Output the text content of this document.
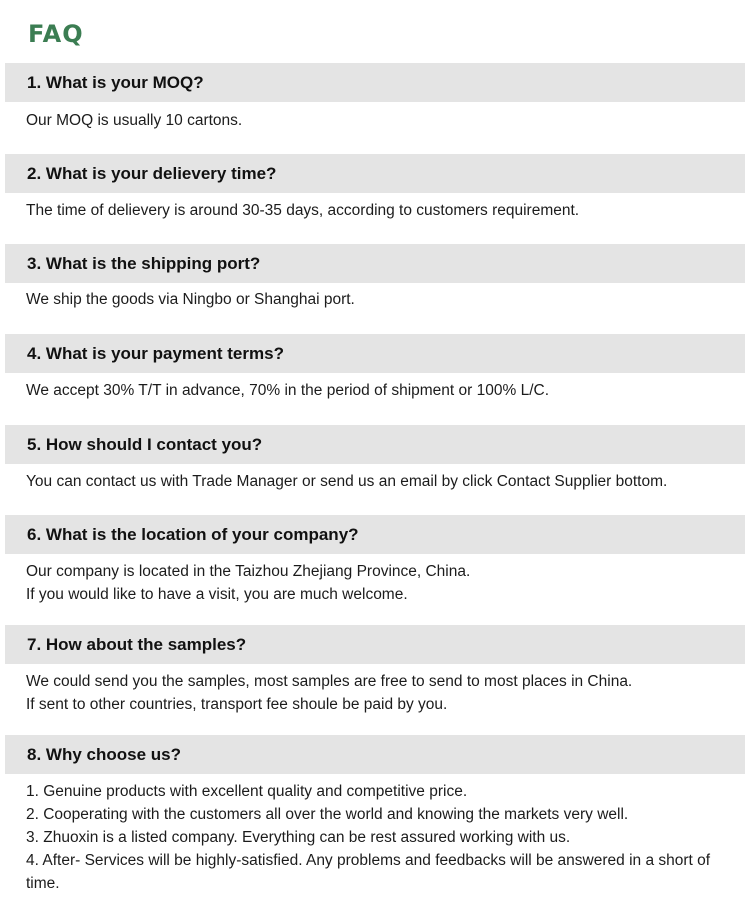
FAQ
1. What is your MOQ?
Our MOQ is usually 10 cartons.
2. What is your delievery time?
The time of delievery is around 30-35 days, according to customers requirement.
3. What is the shipping port?
We ship the goods via Ningbo or Shanghai port.
4. What is your payment terms?
We accept 30% T/T in advance, 70% in the period of shipment or 100% L/C.
5. How should I contact you?
You can contact us with Trade Manager or send us an email by click Contact Supplier bottom.
6. What is the location of your company?
Our company is located in the Taizhou Zhejiang Province, China.
If you would like to have a visit, you are much welcome.
7. How about the samples?
We could send you the samples, most samples are free to send to most places in China.
If sent to other countries, transport fee shoule be paid by you.
8. Why choose us?
1. Genuine products with excellent quality and competitive price.
2. Cooperating with the customers all over the world and knowing the markets very well.
3. Zhuoxin is a listed company. Everything can be rest assured working with us.
4. After- Services will be highly-satisfied. Any problems and feedbacks will be answered in a short of time.
